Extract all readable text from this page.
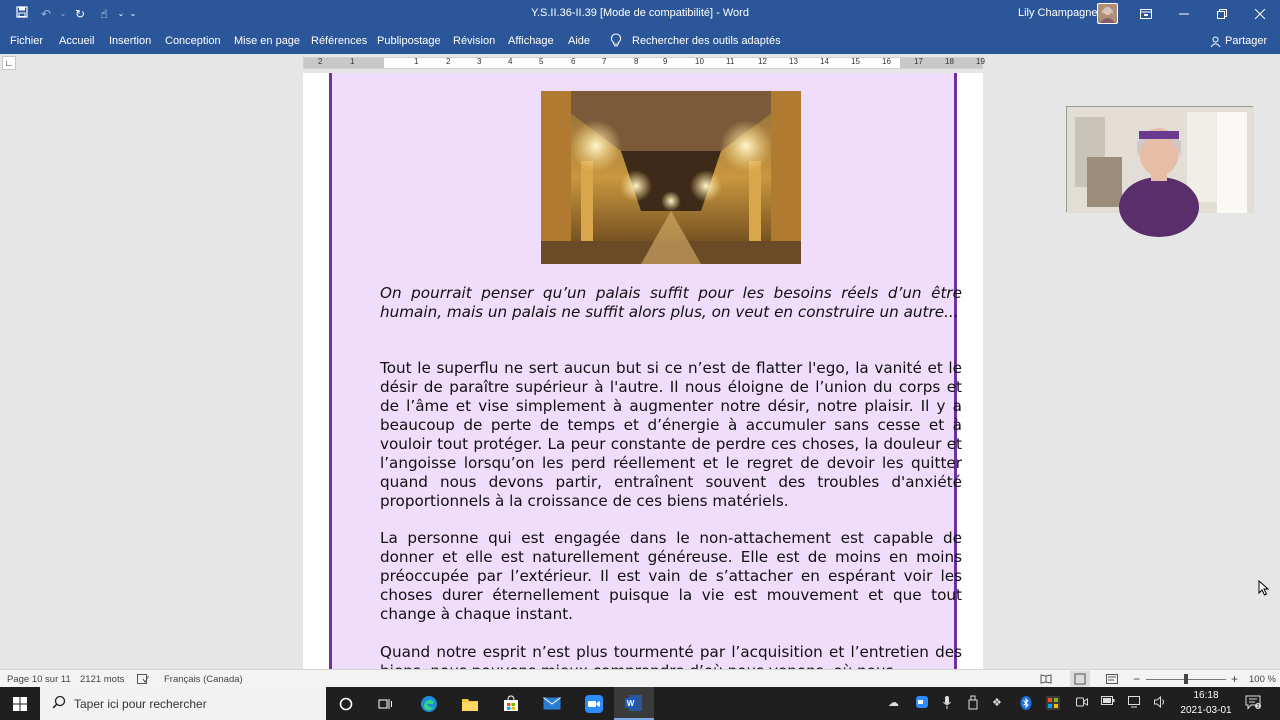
↶	⌄ ↻	☝	⌄ ⌄	Y.S.II.36-II.39 [Mode de compatibilité] - Word	Lily Champagne
Fichier Accueil Insertion Conception Mise en page Références Publipostage Révision Affichage Aide	Rechercher des outils adaptés	Partager
∟	2	1	1	2	3	4	5	6	7	8	9	10	11	12	13	14	15	16	17	18	19
On pourrait penser qu’un palais suffit pour les besoins réels d’un être humain, mais un palais ne suffit alors plus, on veut en construire un autre...
Tout le superflu ne sert aucun but si ce n’est de flatter l'ego, la vanité et le désir de paraître supérieur à l'autre. Il nous éloigne de l’union du corps et de l’âme et vise simplement à augmenter notre désir, notre plaisir. Il y a beaucoup de perte de temps et d’énergie à accumuler sans cesse et à vouloir tout protéger. La peur constante de perdre ces choses, la douleur et l’angoisse lorsqu’on les perd réellement et le regret de devoir les quitter quand nous devons partir, entraînent souvent des troubles d'anxiété proportionnels à la croissance de ces biens matériels.
La personne qui est engagée dans le non-attachement est capable de donner et elle est naturellement généreuse. Elle est de moins en moins préoccupée par l’extérieur. Il est vain de s’attacher en espérant voir les choses durer éternellement puisque la vie est mouvement et que tout change à chaque instant.
Quand notre esprit n’est plus tourmenté par l’acquisition et l’entretien des
Page 10 sur 11 2121 mots	Français (Canada)	−	+ 100 %
Taper ici pour rechercher	W	☁	❖
16:18
2021-03-01	2
